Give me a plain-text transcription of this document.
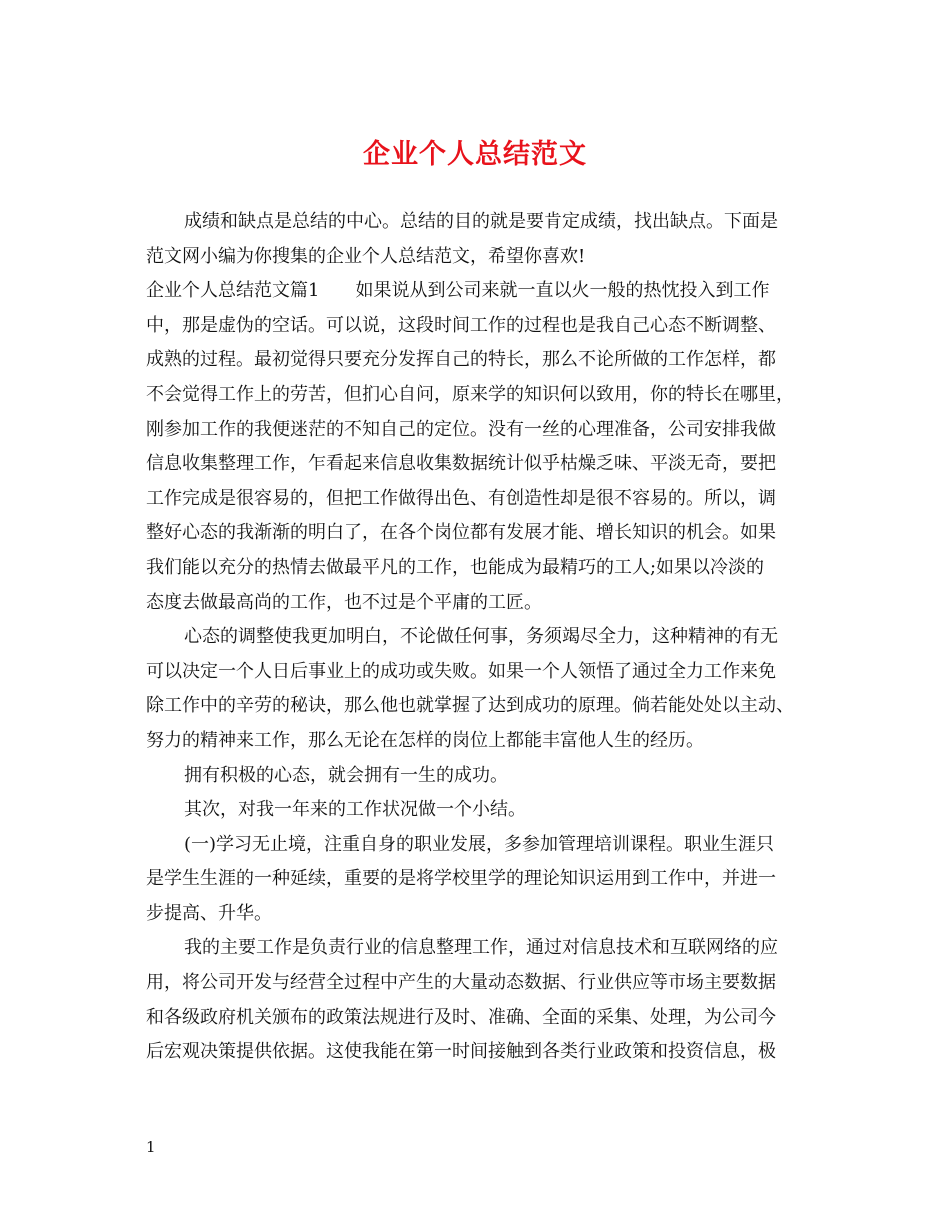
企业个人总结范文
成绩和缺点是总结的中心。总结的目的就是要肯定成绩，找出缺点。下面是
范文网小编为你搜集的企业个人总结范文，希望你喜欢!
企业个人总结范文篇1　　如果说从到公司来就一直以火一般的热忱投入到工作
中，那是虚伪的空话。可以说，这段时间工作的过程也是我自己心态不断调整、
成熟的过程。最初觉得只要充分发挥自己的特长，那么不论所做的工作怎样，都
不会觉得工作上的劳苦，但扪心自问，原来学的知识何以致用，你的特长在哪里，
刚参加工作的我便迷茫的不知自己的定位。没有一丝的心理准备，公司安排我做
信息收集整理工作，乍看起来信息收集数据统计似乎枯燥乏味、平淡无奇，要把
工作完成是很容易的，但把工作做得出色、有创造性却是很不容易的。所以，调
整好心态的我渐渐的明白了，在各个岗位都有发展才能、增长知识的机会。如果
我们能以充分的热情去做最平凡的工作，也能成为最精巧的工人;如果以冷淡的
态度去做最高尚的工作，也不过是个平庸的工匠。
心态的调整使我更加明白，不论做任何事，务须竭尽全力，这种精神的有无
可以决定一个人日后事业上的成功或失败。如果一个人领悟了通过全力工作来免
除工作中的辛劳的秘诀，那么他也就掌握了达到成功的原理。倘若能处处以主动、
努力的精神来工作，那么无论在怎样的岗位上都能丰富他人生的经历。
拥有积极的心态，就会拥有一生的成功。
其次，对我一年来的工作状况做一个小结。
(一)学习无止境，注重自身的职业发展，多参加管理培训课程。职业生涯只
是学生生涯的一种延续，重要的是将学校里学的理论知识运用到工作中，并进一
步提高、升华。
我的主要工作是负责行业的信息整理工作，通过对信息技术和互联网络的应
用，将公司开发与经营全过程中产生的大量动态数据、行业供应等市场主要数据
和各级政府机关颁布的政策法规进行及时、准确、全面的采集、处理，为公司今
后宏观决策提供依据。这使我能在第一时间接触到各类行业政策和投资信息，极
1
